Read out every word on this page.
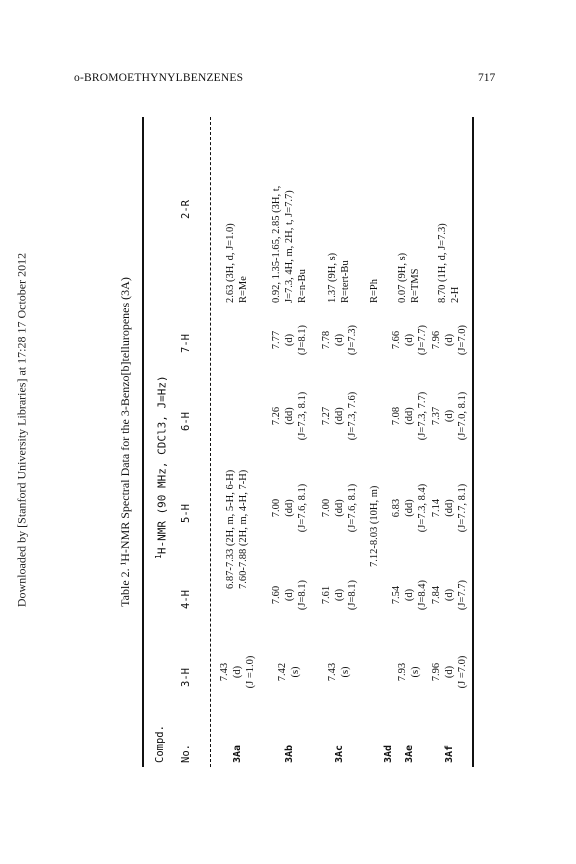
o-BROMOETHYNYLBENZENES	717
Downloaded by [Stanford University Libraries] at 17:28 17 October 2012	Table 2. ¹H-NMR Spectral Data for the 3-Benzo[b]telluropenes (3A)
Compd.
$^1$H-NMR (90 MHz, CDCl3, J=Hz)
No.
3-H
4-H
5-H
6-H
7-H
2-R
3Aa
7.43 (d) (J =1.0)
6.87-7.33 (2H, m, 5-H, 6-H) 7.60-7.88 (2H, m, 4-H, 7-H)
2.63 (3H, d, J=1.0) R=Me
3Ab
7.42 (s)
7.60 (d) (J=8.1)
7.00 (dd) (J=7.6, 8.1)
7.26 (dd) (J=7.3, 8.1)
7.77 (d) (J=8.1)
0.92, 1.35-1.65, 2.85 (3H, t, J=7.3, 4H, m, 2H, t, J=7.7) R=n-Bu
3Ac
7.43 (s)
7.61 (d) (J=8.1)
7.00 (dd) (J=7.6, 8.1)
7.27 (dd) (J=7.3, 7.6)
7.78 (d) (J=7.3)
1.37 (9H, s) R=tert-Bu
3Ad
7.12-8.03 (10H, m)
R=Ph
3Ae
7.93 (s)
7.54 (d) (J=8.4)
6.83 (dd) (J=7.3, 8.4)
7.08 (dd) (J=7.3, 7.7)
7.66 (d) (J=7.7)
0.07 (9H, s) R=TMS
3Af
7.96 (d) (J =7.0)
7.84 (d) (J=7.7)
7.14 (dd) (J=7.7, 8.1)
7.37 (d) (J=7.0, 8.1)
7.96 (d) (J=7.0)
8.70 (1H, d, J=7.3) 2-H
